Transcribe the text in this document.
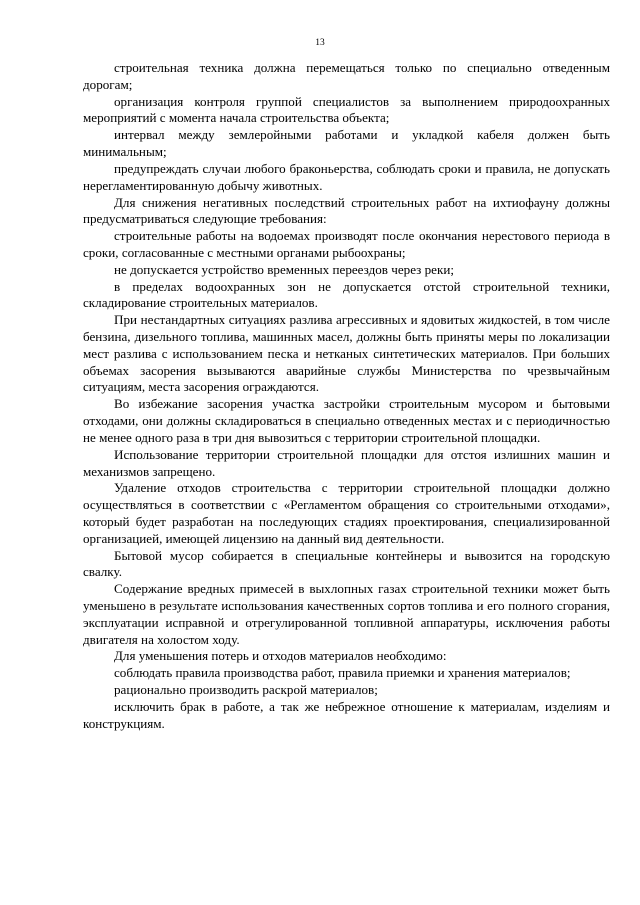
13

строительная техника должна перемещаться только по специально отведенным дорогам;

организация контроля группой специалистов за выполнением природоохранных мероприятий с момента начала строительства объекта;

интервал между землеройными работами и укладкой кабеля должен быть минимальным;

предупреждать случаи любого браконьерства, соблюдать сроки и правила, не допускать нерегламентированную добычу животных.

Для снижения негативных последствий строительных работ на ихтиофауну должны предусматриваться следующие требования:

строительные работы на водоемах производят после окончания нерестового периода в сроки, согласованные с местными органами рыбоохраны;

не допускается устройство временных переездов через реки;

в пределах водоохранных зон не допускается отстой строительной техники, складирование строительных материалов.

При нестандартных ситуациях разлива агрессивных и ядовитых жидкостей, в том числе бензина, дизельного топлива, машинных масел, должны быть приняты меры по локализации мест разлива с использованием песка и нетканых синтетических материалов. При больших объемах засорения вызываются аварийные службы Министерства по чрезвычайным ситуациям, места засорения ограждаются.

Во избежание засорения участка застройки строительным мусором и бытовыми отходами, они должны складироваться в специально отведенных местах и с периодичностью не менее одного раза в три дня вывозиться с территории строительной площадки.

Использование территории строительной площадки для отстоя излишних машин и механизмов запрещено.

Удаление отходов строительства с территории строительной площадки должно осуществляться в соответствии с «Регламентом обращения со строительными отходами», который будет разработан на последующих стадиях проектирования, специализированной организацией, имеющей лицензию на данный вид деятельности.

Бытовой мусор собирается в специальные контейнеры и вывозится на городскую свалку.

Содержание вредных примесей в выхлопных газах строительной техники может быть уменьшено в результате использования качественных сортов топлива и его полного сгорания, эксплуатации исправной и отрегулированной топливной аппаратуры, исключения работы двигателя на холостом ходу.

Для уменьшения потерь и отходов материалов необходимо:

соблюдать правила производства работ, правила приемки и хранения материалов;

рационально производить раскрой материалов;

исключить брак в работе, а так же небрежное отношение к материалам, изделиям и конструкциям.
